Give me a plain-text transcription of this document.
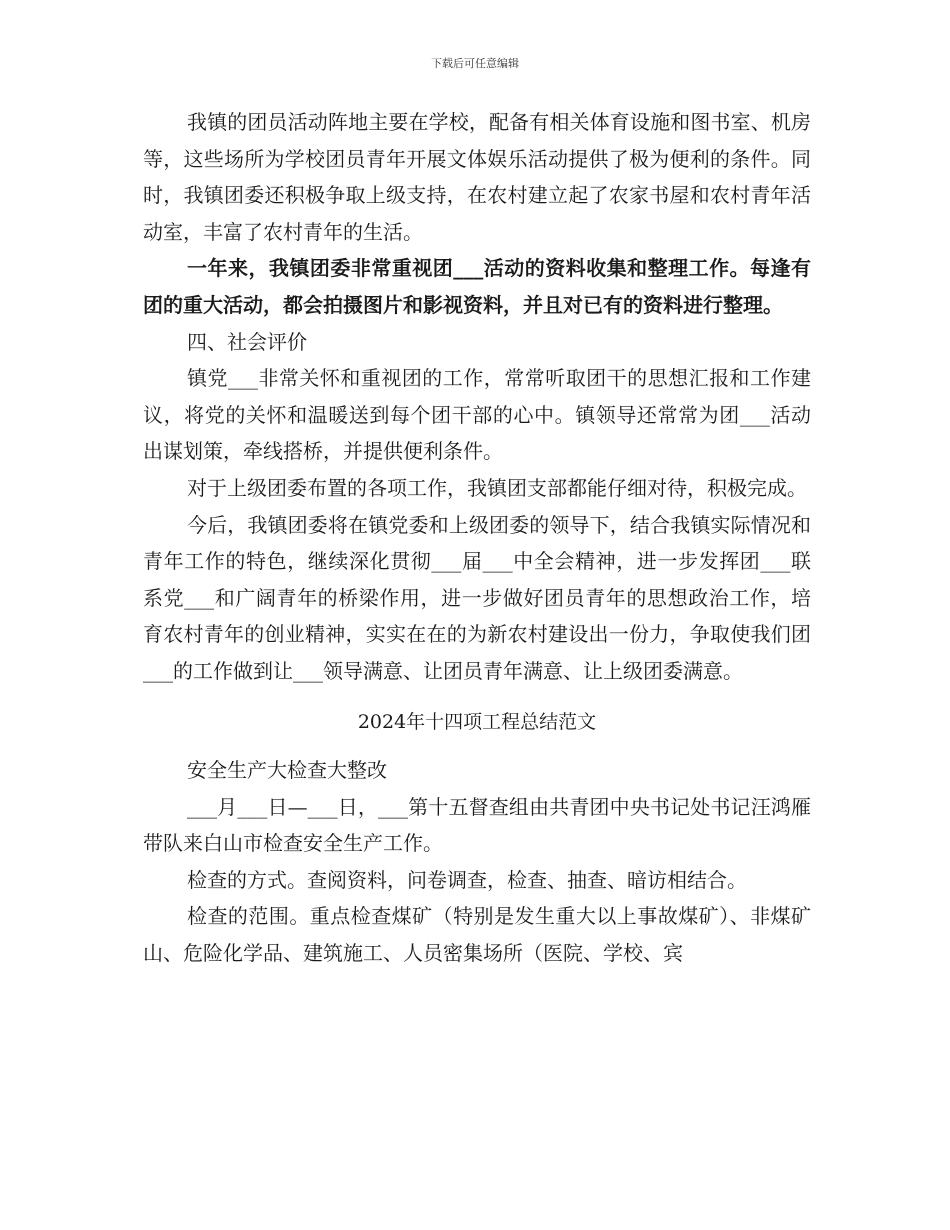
下载后可任意编辑

我镇的团员活动阵地主要在学校，配备有相关体育设施和图书室、机房等，这些场所为学校团员青年开展文体娱乐活动提供了极为便利的条件。同时，我镇团委还积极争取上级支持，在农村建立起了农家书屋和农村青年活动室，丰富了农村青年的生活。

一年来，我镇团委非常重视团___活动的资料收集和整理工作。每逢有团的重大活动，都会拍摄图片和影视资料，并且对已有的资料进行整理。

四、社会评价

镇党___非常关怀和重视团的工作，常常听取团干的思想汇报和工作建议，将党的关怀和温暖送到每个团干部的心中。镇领导还常常为团___活动出谋划策，牵线搭桥，并提供便利条件。

对于上级团委布置的各项工作，我镇团支部都能仔细对待，积极完成。

今后，我镇团委将在镇党委和上级团委的领导下，结合我镇实际情况和青年工作的特色，继续深化贯彻___届___中全会精神，进一步发挥团___联系党___和广阔青年的桥梁作用，进一步做好团员青年的思想政治工作，培育农村青年的创业精神，实实在在的为新农村建设出一份力，争取使我们团___的工作做到让___领导满意、让团员青年满意、让上级团委满意。

2024年十四项工程总结范文

安全生产大检查大整改

___月___日—___日，___第十五督查组由共青团中央书记处书记汪鸿雁带队来白山市检查安全生产工作。

检查的方式。查阅资料，问卷调查，检查、抽查、暗访相结合。

检查的范围。重点检查煤矿（特别是发生重大以上事故煤矿）、非煤矿山、危险化学品、建筑施工、人员密集场所（医院、学校、宾
